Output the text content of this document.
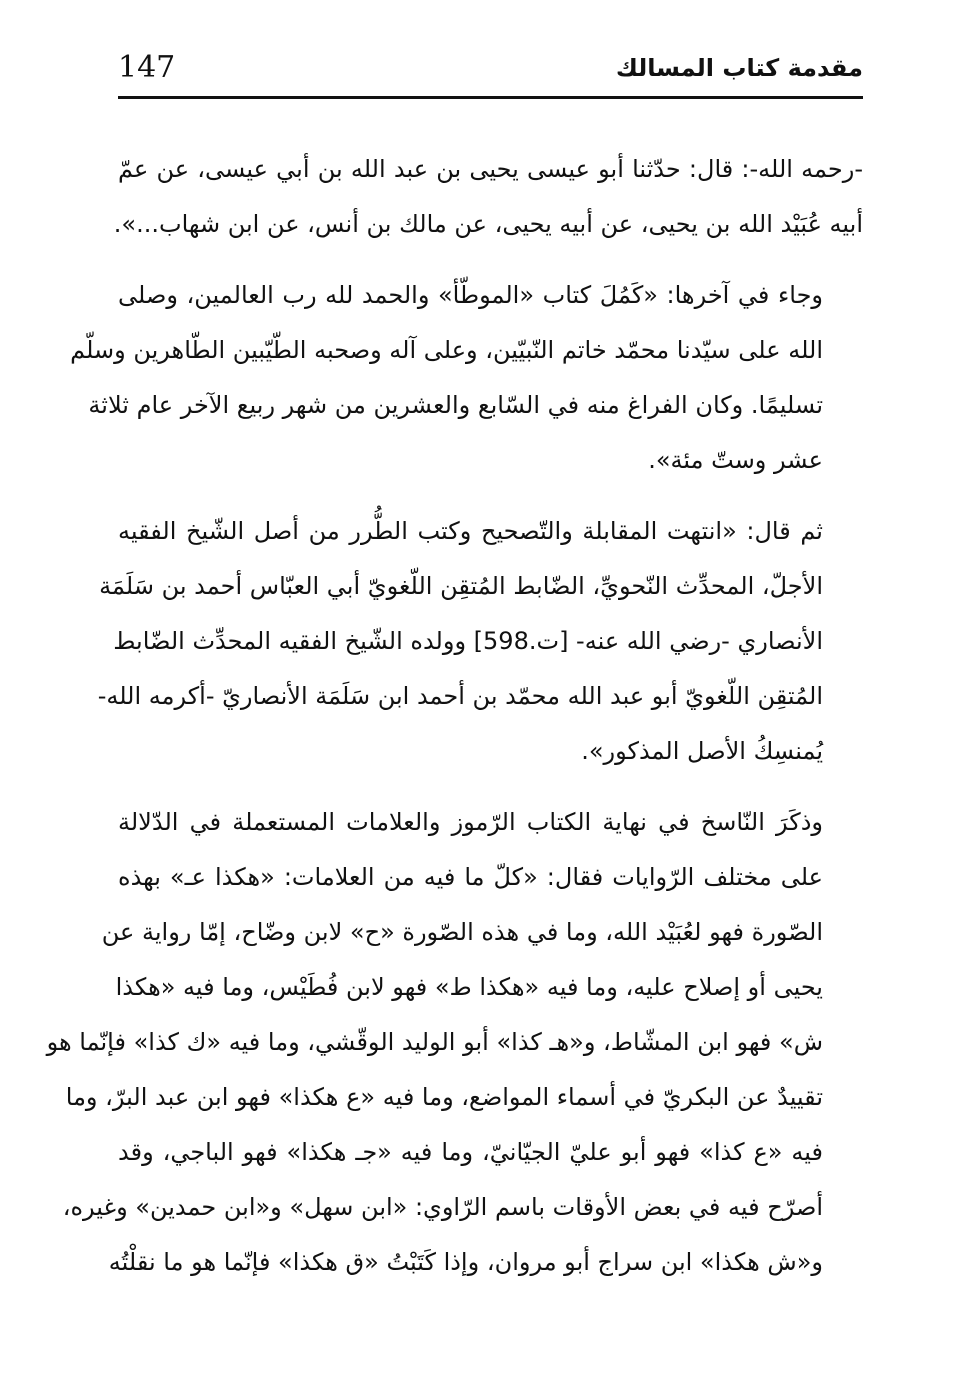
147	مقدمة كتاب المسالك
-رحمه الله-: قال: حدّثنا أبو عيسى يحيى بن عبد الله بن أبي عيسى، عن عمّ
أبيه عُبَيْد الله بن يحيى، عن أبيه يحيى، عن مالك بن أنس، عن ابن شهاب...».
وجاء في آخرها: «كَمُلَ كتاب «الموطّأ» والحمد لله رب العالمين، وصلى
الله على سيّدنا محمّد خاتم النّبيّين، وعلى آله وصحبه الطّيّبين الطّاهرين وسلّم
تسليمًا. وكان الفراغ منه في السّابع والعشرين من شهر ربيع الآخر عام ثلاثة
عشر وستّ مئة».
ثم قال: «انتهت المقابلة والتّصحيح وكتب الطُّرر من أصل الشّيخ الفقيه
الأجلّ، المحدِّث النّحويِّ، الضّابط المُتقِن اللّغويّ أبي العبّاس أحمد بن سَلَمَة
الأنصاري -رضي الله عنه- [ت.598] وولده الشّيخ الفقيه المحدِّث الضّابط
المُتقِن اللّغويّ أبو عبد الله محمّد بن أحمد ابن سَلَمَة الأنصاريّ -أكرمه الله-
يُمنسِكُ الأصل المذكور».
وذكَرَ النّاسخ في نهاية الكتاب الرّموز والعلامات المستعملة في الدّلالة
على مختلف الرّوايات فقال: «كلّ ما فيه من العلامات: «هكذا عـ» بهذه
الصّورة فهو لعُبَيْد الله، وما في هذه الصّورة «ح» لابن وضّاح، إمّا رواية عن
يحيى أو إصلاح عليه، وما فيه «هكذا ط» فهو لابن فُطَيْس، وما فيه «هكذا
ش» فهو ابن المشّاط، و«هـ كذا» أبو الوليد الوقّشي، وما فيه «ك كذا» فإنّما هو
تقييدٌ عن البكريّ في أسماء المواضع، وما فيه «ع هكذا» فهو ابن عبد البرّ، وما
فيه «ع كذا» فهو أبو عليّ الجيّانيّ، وما فيه «جـ هكذا» فهو الباجي، وقد
أصرّح فيه في بعض الأوقات باسم الرّاوي: «ابن سهل» و«ابن حمدين» وغيره،
و«ش هكذا» ابن سراج أبو مروان، وإذا كَتَبْتُ «ق هكذا» فإنّما هو ما نقلْتُه
